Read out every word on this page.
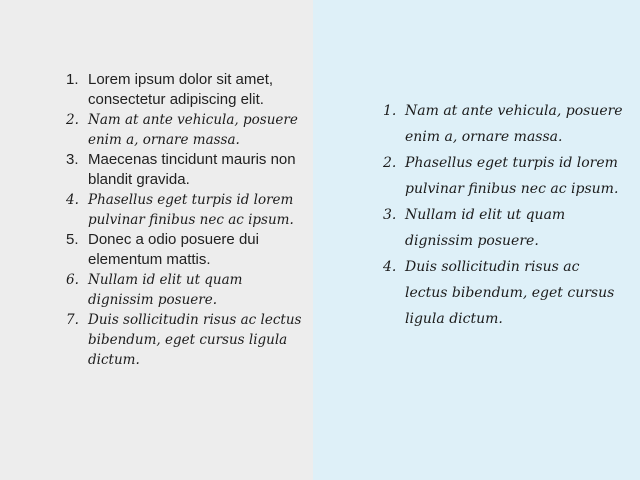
1. Lorem ipsum dolor sit amet, consectetur adipiscing elit.
2. Nam at ante vehicula, posuere enim a, ornare massa.
3. Maecenas tincidunt mauris non blandit gravida.
4. Phasellus eget turpis id lorem pulvinar finibus nec ac ipsum.
5. Donec a odio posuere dui elementum mattis.
6. Nullam id elit ut quam dignissim posuere.
7. Duis sollicitudin risus ac lectus bibendum, eget cursus ligula dictum.
1. Nam at ante vehicula, posuere enim a, ornare massa.
2. Phasellus eget turpis id lorem pulvinar finibus nec ac ipsum.
3. Nullam id elit ut quam dignissim posuere.
4. Duis sollicitudin risus ac lectus bibendum, eget cursus ligula dictum.
